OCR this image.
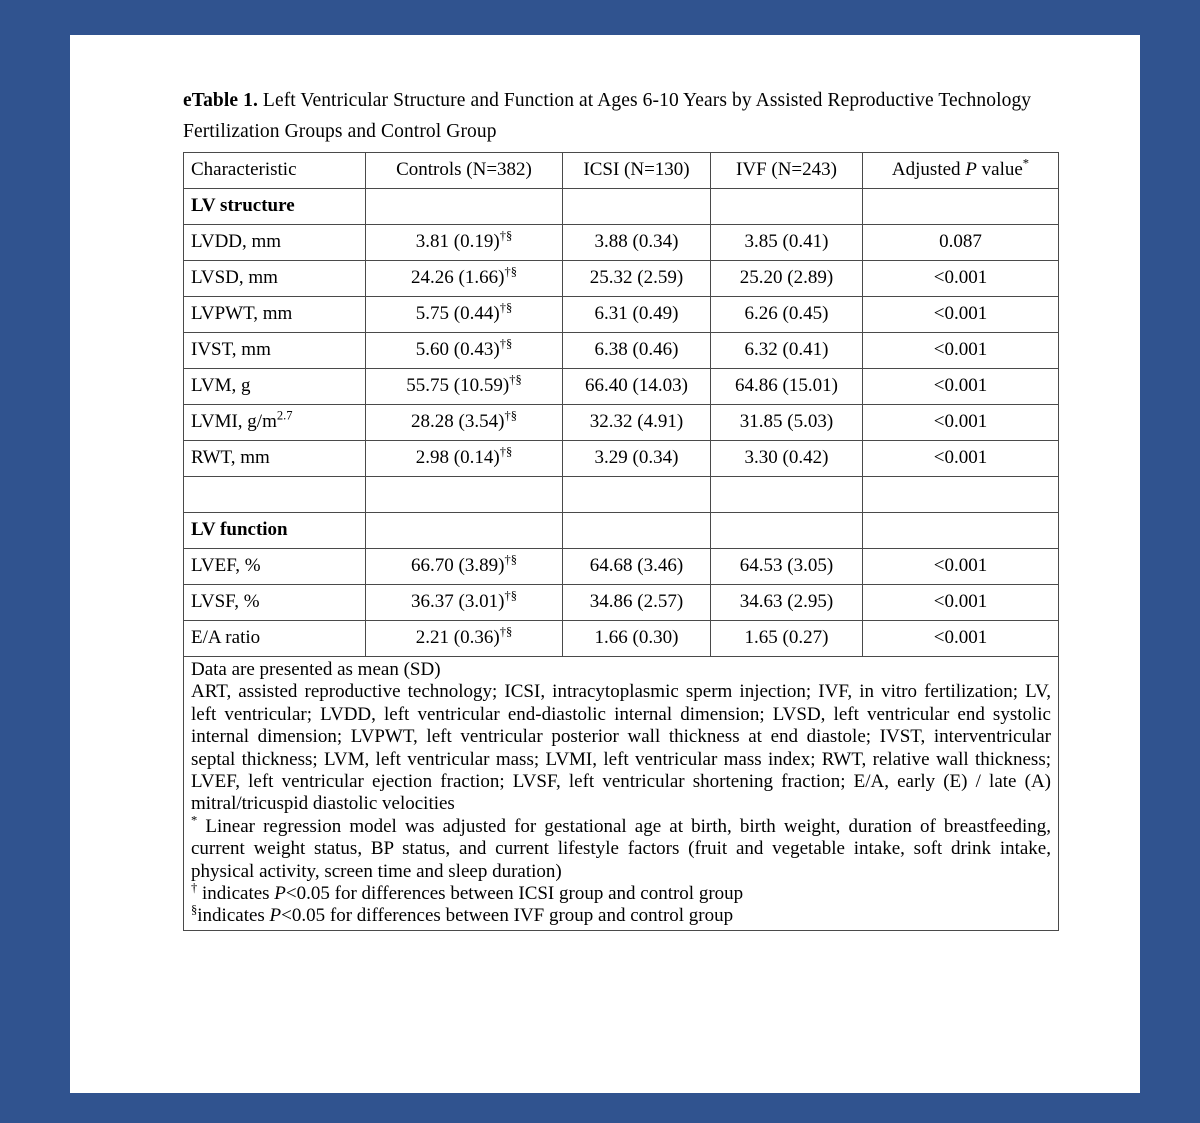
eTable 1. Left Ventricular Structure and Function at Ages 6-10 Years by Assisted Reproductive Technology Fertilization Groups and Control Group
Characteristic	Controls (N=382)	ICSI (N=130)	IVF (N=243)	Adjusted P value*
LV structure				
LVDD, mm	3.81 (0.19)†§	3.88 (0.34)	3.85 (0.41)	0.087
LVSD, mm	24.26 (1.66)†§	25.32 (2.59)	25.20 (2.89)	<0.001
LVPWT, mm	5.75 (0.44)†§	6.31 (0.49)	6.26 (0.45)	<0.001
IVST, mm	5.60 (0.43)†§	6.38 (0.46)	6.32 (0.41)	<0.001
LVM, g	55.75 (10.59)†§	66.40 (14.03)	64.86 (15.01)	<0.001
LVMI, $g/m^{2.7}$	28.28 (3.54)†§	32.32 (4.91)	31.85 (5.03)	<0.001
RWT, mm	2.98 (0.14)†§	3.29 (0.34)	3.30 (0.42)	<0.001

LV function				
LVEF, %	66.70 (3.89)†§	64.68 (3.46)	64.53 (3.05)	<0.001
LVSF, %	36.37 (3.01)†§	34.86 (2.57)	34.63 (2.95)	<0.001
E/A ratio	2.21 (0.36)†§	1.66 (0.30)	1.65 (0.27)	<0.001

Data are presented as mean (SD)

ART, assisted reproductive technology; ICSI, intracytoplasmic sperm injection; IVF, in vitro fertilization; LV, left ventricular; LVDD, left ventricular end-diastolic internal dimension; LVSD, left ventricular end systolic internal dimension; LVPWT, left ventricular posterior wall thickness at end diastole; IVST, interventricular septal thickness; LVM, left ventricular mass; LVMI, left ventricular mass index; RWT, relative wall thickness; LVEF, left ventricular ejection fraction; LVSF, left ventricular shortening fraction; E/A, early (E) / late (A) mitral/tricuspid diastolic velocities

* Linear regression model was adjusted for gestational age at birth, birth weight, duration of breastfeeding, current weight status, BP status, and current lifestyle factors (fruit and vegetable intake, soft drink intake, physical activity, screen time and sleep duration)

† indicates P<0.05 for differences between ICSI group and control group

§indicates P<0.05 for differences between IVF group and control group				
